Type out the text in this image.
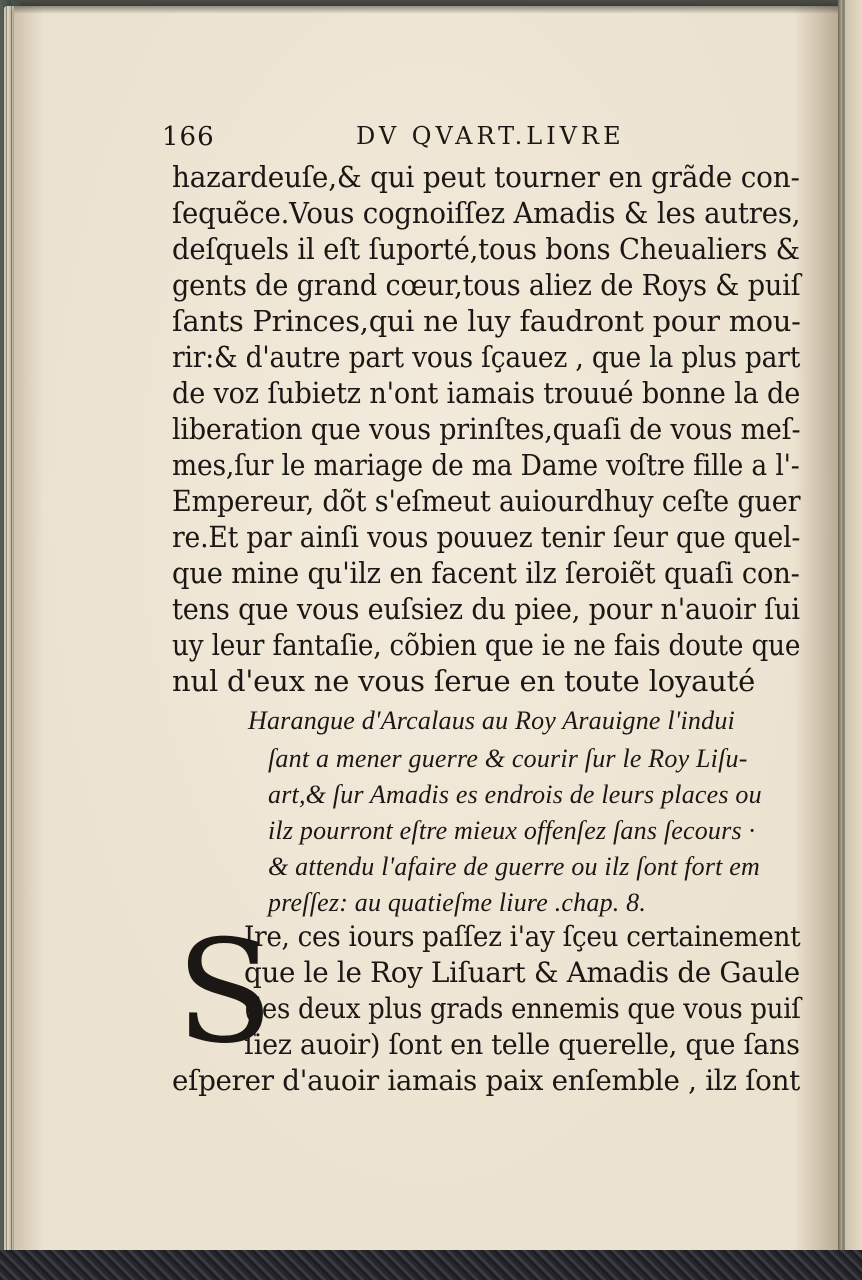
166	DV QVART.LIVRE
hazardeuſe,& qui peut tourner en grãde con-
ſequẽce.Vous cognoiſſez Amadis & les autres,
deſquels il eſt ſuporté,tous bons Cheualiers &
gents de grand cœur,tous aliez de Roys & puiſ
ſants Princes,qui ne luy faudront pour mou-
rir:& d'autre part vous ſçauez , que la plus part
de voz ſubietz n'ont iamais trouué bonne la de
liberation que vous prinſtes,quaſi de vous meſ-
mes,ſur le mariage de ma Dame voſtre fille a l'-
Empereur, dõt s'eſmeut auiourdhuy ceſte guer
re.Et par ainſi vous pouuez tenir ſeur que quel-
que mine qu'ilz en facent ilz ſeroiẽt quaſi con-
tens que vous euſsiez du piee, pour n'auoir ſui
uy leur fantaſie, cõbien que ie ne fais doute que
nul d'eux ne vous ſerue en toute loyauté
Harangue d'Arcalaus au Roy Arauigne l'indui
ſant a mener guerre & courir ſur le Roy Liſu-
art,& ſur Amadis es endrois de leurs places ou
ilz pourront eſtre mieux offenſez ſans ſecours ·
& attendu l'afaire de guerre ou ilz ſont fort em
preſſez: au quatieſme liure .chap. 8.
S
Ire, ces iours paſſez i'ay ſçeu certainement
que le le Roy Liſuart & Amadis de Gaule
(les deux plus grads ennemis que vous puiſ
ſiez auoir) ſont en telle querelle, que ſans
eſperer d'auoir iamais paix enſemble , ilz ſont
